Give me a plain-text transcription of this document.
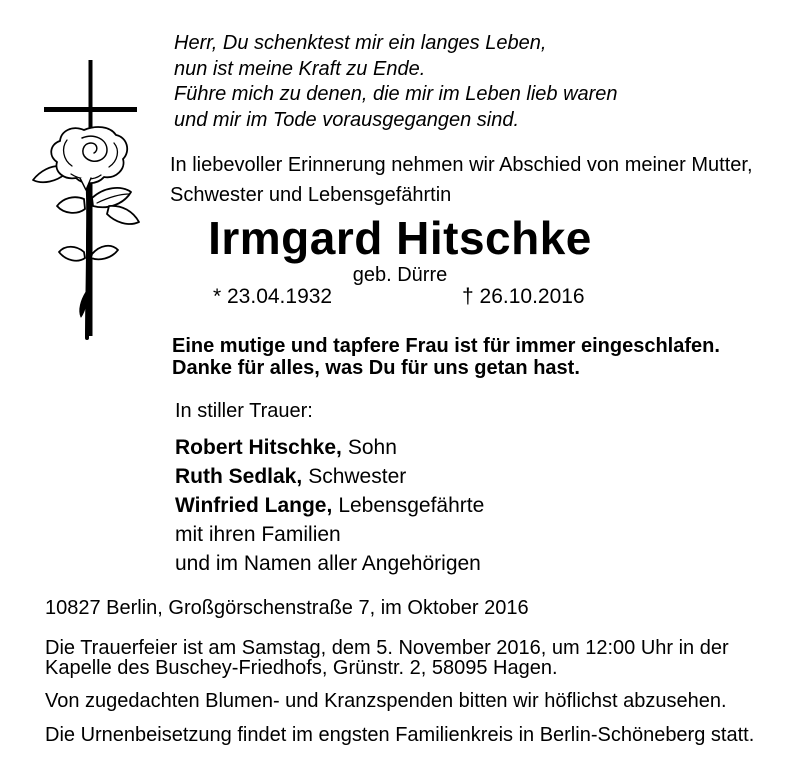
Herr, Du schenktest mir ein langes Leben,
nun ist meine Kraft zu Ende.
Führe mich zu denen, die mir im Leben lieb waren
und mir im Tode vorausgegangen sind.
In liebevoller Erinnerung nehmen wir Abschied von meiner Mutter,
Schwester und Lebensgefährtin
Irmgard Hitschke
geb. Dürre
* 23.04.1932	† 26.10.2016
Eine mutige und tapfere Frau ist für immer eingeschlafen.
Danke für alles, was Du für uns getan hast.
In stiller Trauer:
Robert Hitschke, Sohn
Ruth Sedlak, Schwester
Winfried Lange, Lebensgefährte
mit ihren Familien
und im Namen aller Angehörigen
10827 Berlin, Großgörschenstraße 7, im Oktober 2016
Die Trauerfeier ist am Samstag, dem 5. November 2016, um 12:00 Uhr in der
Kapelle des Buschey-Friedhofs, Grünstr. 2, 58095 Hagen.
Von zugedachten Blumen- und Kranzspenden bitten wir höflichst abzusehen.
Die Urnenbeisetzung findet im engsten Familienkreis in Berlin-Schöneberg statt.
